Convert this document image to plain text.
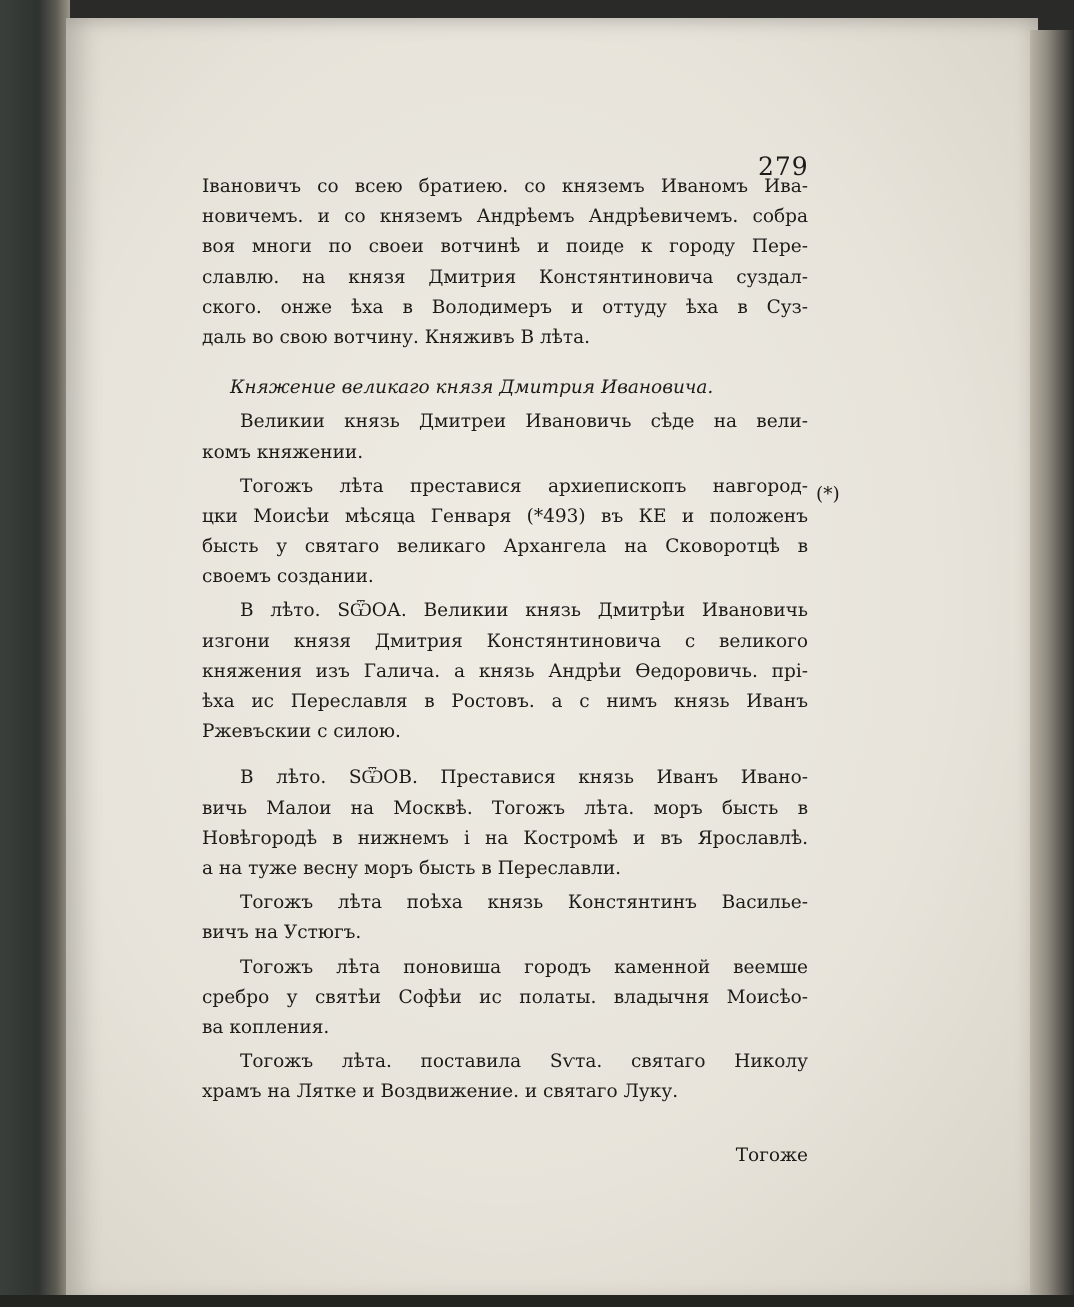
279
Івановичъ со всею братиею. со княземъ Иваномъ Ива-
новичемъ. и со княземъ Андрѣемъ Андрѣевичемъ. собра
воя многи по своеи вотчинѣ и поиде к городу Пере-
славлю. на князя Дмитрия Констянтиновича суздал-
ского. онже ѣха в Володимеръ и оттуду ѣха в Суз-
даль во свою вотчину. Княживъ В лѣта.
Княжение великаго князя Дмитрия Ивановича.
Великии князь Дмитреи Ивановичь сѣде на вели-
комъ княжении.
Тогожъ лѣта преставися архиепископъ навгород-
цки Моисѣи мѣсяца Генваря (*493) въ КЕ и положенъ
бысть у святаго великаго Архангела на Сковоротцѣ в
своемъ создании.
В лѣто. ЅѾОА. Великии князь Дмитрѣи Ивановичь
изгони князя Дмитрия Констянтиновича с великого
княжения изъ Галича. а князь Андрѣи Ѳедоровичь. прі-
ѣха ис Переславля в Ростовъ. а с нимъ князь Иванъ
Ржевъскии с силою.
В лѣто. ЅѾОВ. Преставися князь Иванъ Ивано-
вичь Малои на Москвѣ. Тогожъ лѣта. моръ бысть в
Новѣгородѣ в нижнемъ і на Костромѣ и въ Ярославлѣ.
а на туже весну моръ бысть в Переславли.
Тогожъ лѣта поѣха князь Констянтинъ Василье-
вичъ на Устюгъ.
Тогожъ лѣта поновиша городъ каменной веемше
сребро у святѣи Софѣи ис полаты. владычня Моисѣо-
ва копления.
Тогожъ лѣта. поставила Ѕѵта. святаго Николу
храмъ на Лятке и Воздвижение. и святаго Луку.
Тогоже
(*)
